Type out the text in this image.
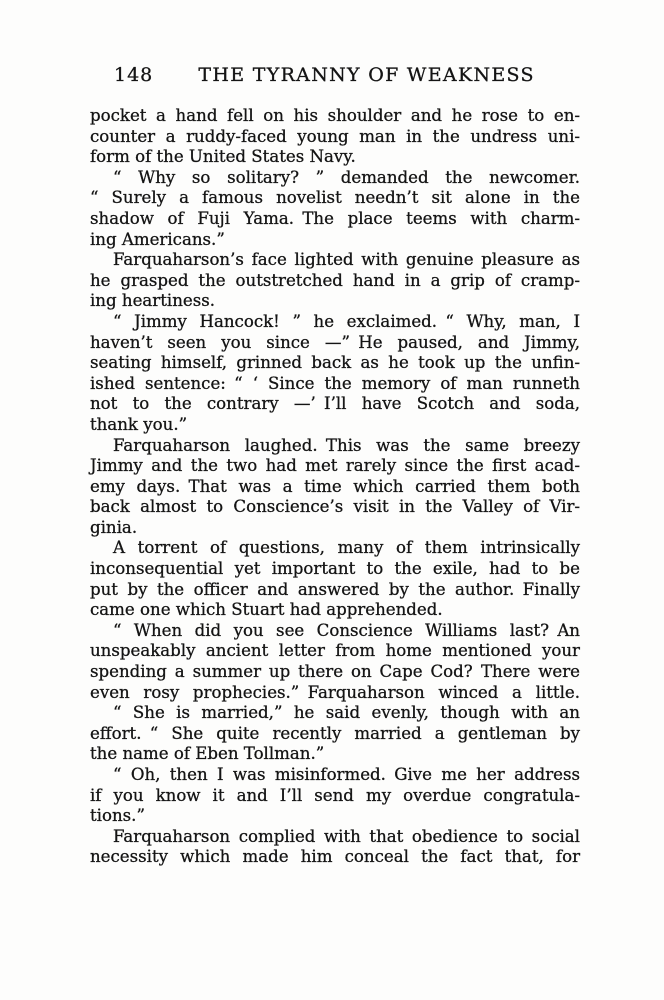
148	THE TYRANNY OF WEAKNESS
pocket a hand fell on his shoulder and he rose to en-
counter a ruddy-faced young man in the undress uni-
form of the United States Navy.
“ Why so solitary? ” demanded the newcomer.
“ Surely a famous novelist needn’t sit alone in the
shadow of Fuji Yama. The place teems with charm-
ing Americans.”
Farquaharson’s face lighted with genuine pleasure as
he grasped the outstretched hand in a grip of cramp-
ing heartiness.
“ Jimmy Hancock! ” he exclaimed. “ Why, man, I
haven’t seen you since —” He paused, and Jimmy,
seating himself, grinned back as he took up the unfin-
ished sentence: “ ‘ Since the memory of man runneth
not to the contrary —’ I’ll have Scotch and soda,
thank you.”
Farquaharson laughed. This was the same breezy
Jimmy and the two had met rarely since the first acad-
emy days. That was a time which carried them both
back almost to Conscience’s visit in the Valley of Vir-
ginia.
A torrent of questions, many of them intrinsically
inconsequential yet important to the exile, had to be
put by the officer and answered by the author. Finally
came one which Stuart had apprehended.
“ When did you see Conscience Williams last? An
unspeakably ancient letter from home mentioned your
spending a summer up there on Cape Cod? There were
even rosy prophecies.” Farquaharson winced a little.
“ She is married,” he said evenly, though with an
effort. “ She quite recently married a gentleman by
the name of Eben Tollman.”
“ Oh, then I was misinformed. Give me her address
if you know it and I’ll send my overdue congratula-
tions.”
Farquaharson complied with that obedience to social
necessity which made him conceal the fact that, for
